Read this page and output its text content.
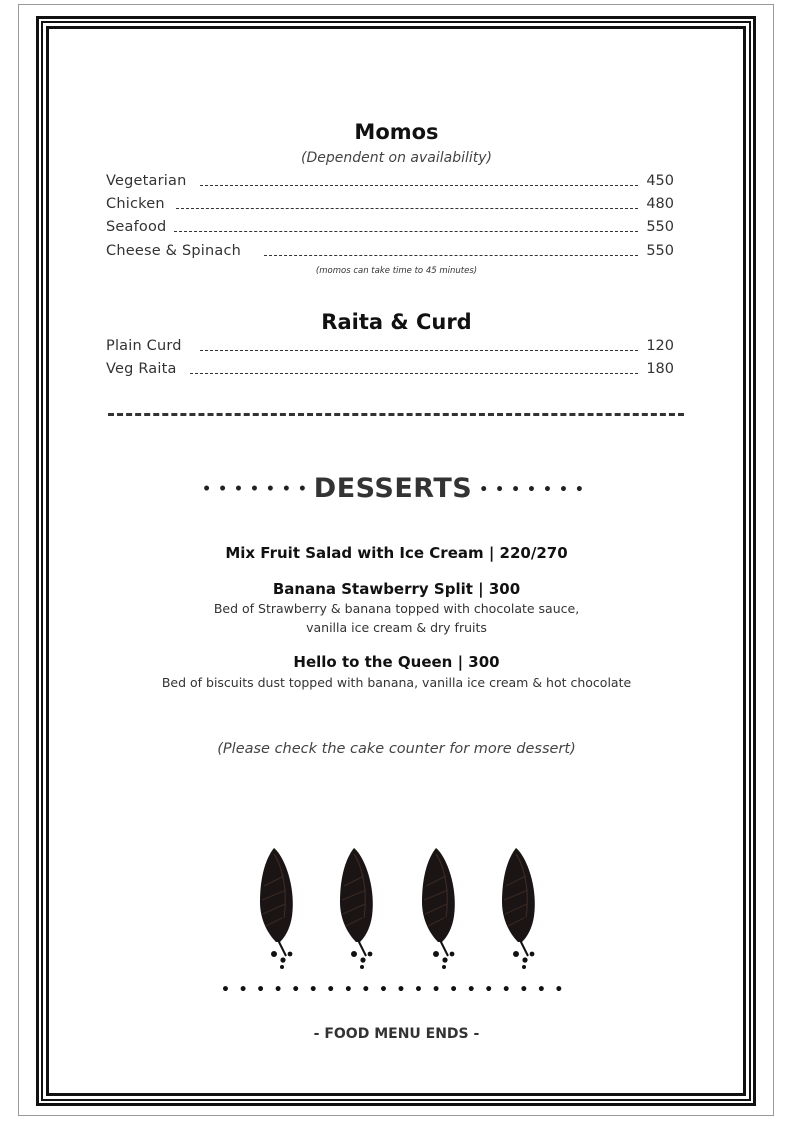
Momos
(Dependent on availability)
Vegetarian	450
Chicken	480
Seafood	550
Cheese & Spinach	550
(momos can take time to 45 minutes)
Raita & Curd
Plain Curd	120
Veg Raita	180
•••••••DESSERTS •••••••
Mix Fruit Salad with Ice Cream | 220/270
Banana Stawberry Split | 300
Bed of Strawberry & banana topped with chocolate sauce,
vanilla ice cream & dry fruits
Hello to the Queen | 300
Bed of biscuits dust topped with banana, vanilla ice cream & hot chocolate
(Please check the cake counter for more dessert)
••••••••••••••••••••
- FOOD MENU ENDS -
